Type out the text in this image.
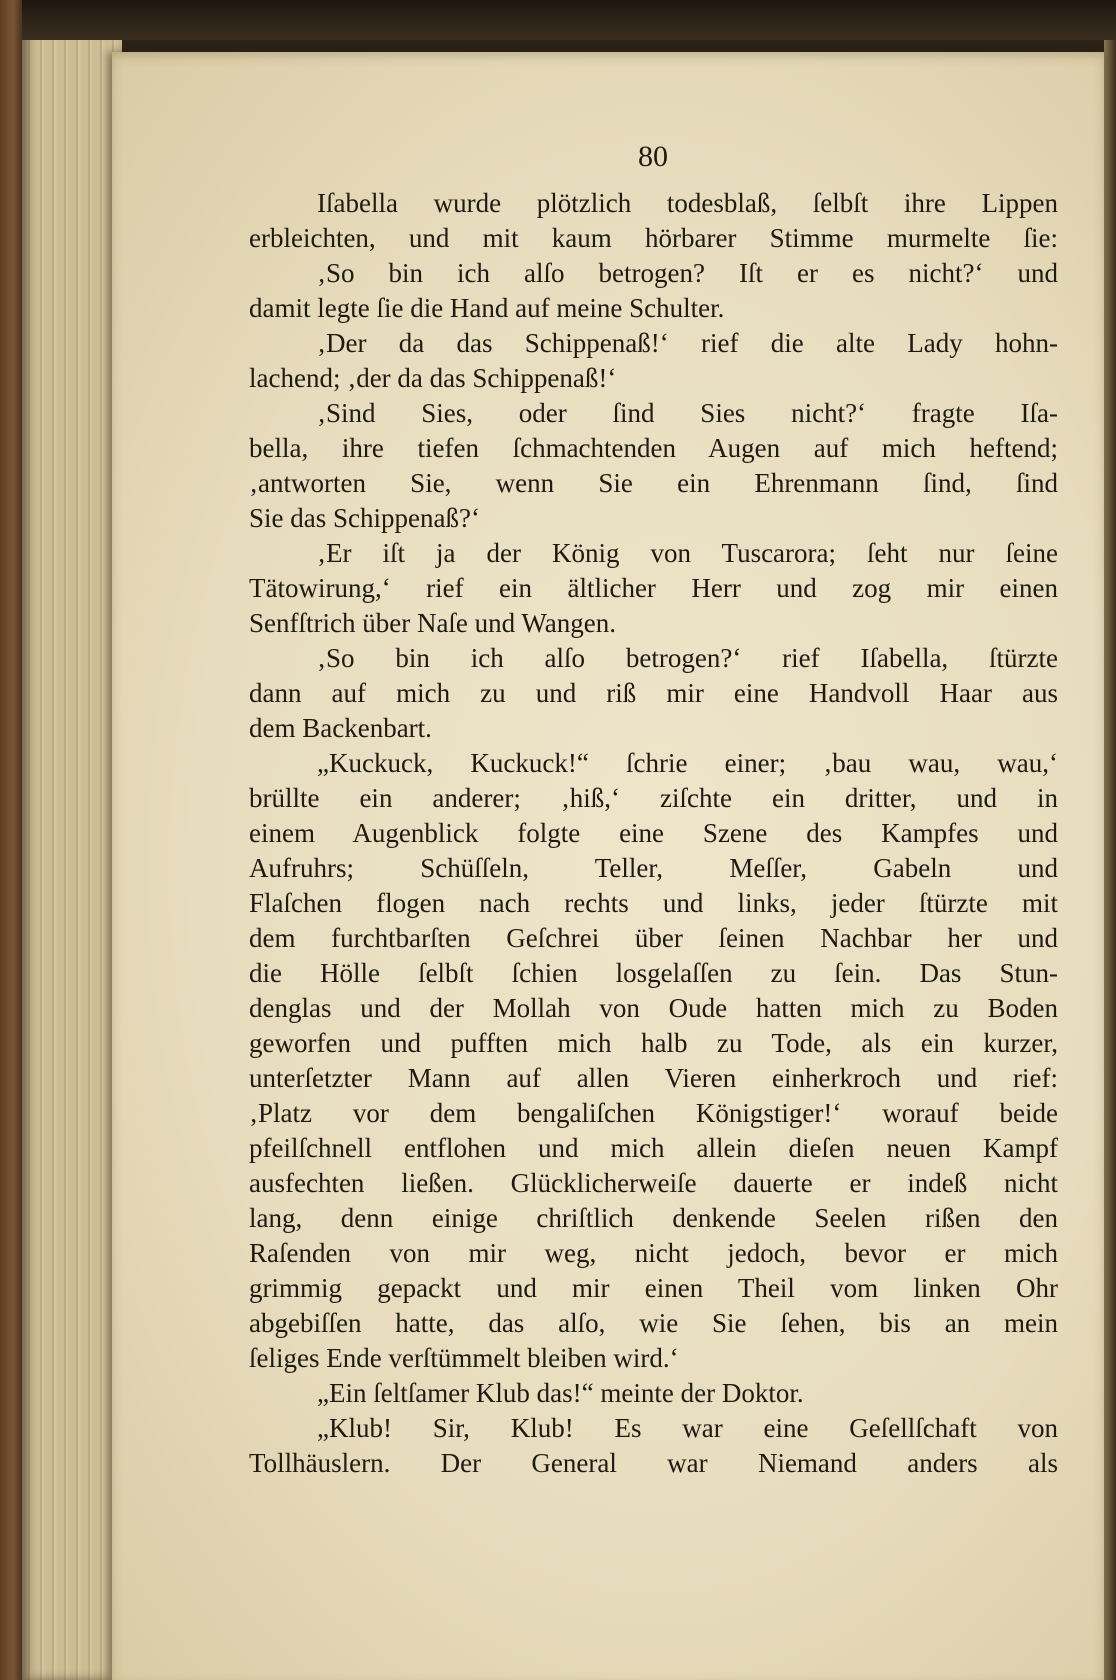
80
Iſabella wurde plötzlich todesblaß, ſelbſt ihre Lippen
erbleichten, und mit kaum hörbarer Stimme murmelte ſie:
‚So bin ich alſo betrogen? Iſt er es nicht?‘ und
damit legte ſie die Hand auf meine Schulter.
‚Der da das Schippenaß!‘ rief die alte Lady hohn-
lachend; ‚der da das Schippenaß!‘
‚Sind Sies, oder ſind Sies nicht?‘ fragte Iſa-
bella, ihre tiefen ſchmachtenden Augen auf mich heftend;
‚antworten Sie, wenn Sie ein Ehrenmann ſind, ſind
Sie das Schippenaß?‘
‚Er iſt ja der König von Tuscarora; ſeht nur ſeine
Tätowirung,‘ rief ein ältlicher Herr und zog mir einen
Senfſtrich über Naſe und Wangen.
‚So bin ich alſo betrogen?‘ rief Iſabella, ſtürzte
dann auf mich zu und riß mir eine Handvoll Haar aus
dem Backenbart.
„Kuckuck, Kuckuck!“ ſchrie einer; ‚bau wau, wau,‘
brüllte ein anderer; ‚hiß,‘ ziſchte ein dritter, und in
einem Augenblick folgte eine Szene des Kampfes und
Aufruhrs; Schüſſeln, Teller, Meſſer, Gabeln und
Flaſchen flogen nach rechts und links, jeder ſtürzte mit
dem furchtbarſten Geſchrei über ſeinen Nachbar her und
die Hölle ſelbſt ſchien losgelaſſen zu ſein. Das Stun-
denglas und der Mollah von Oude hatten mich zu Boden
geworfen und pufften mich halb zu Tode, als ein kurzer,
unterſetzter Mann auf allen Vieren einherkroch und rief:
‚Platz vor dem bengaliſchen Königstiger!‘ worauf beide
pfeilſchnell entflohen und mich allein dieſen neuen Kampf
ausfechten ließen. Glücklicherweiſe dauerte er indeß nicht
lang, denn einige chriſtlich denkende Seelen rißen den
Raſenden von mir weg, nicht jedoch, bevor er mich
grimmig gepackt und mir einen Theil vom linken Ohr
abgebiſſen hatte, das alſo, wie Sie ſehen, bis an mein
ſeliges Ende verſtümmelt bleiben wird.‘
„Ein ſeltſamer Klub das!“ meinte der Doktor.
„Klub! Sir, Klub! Es war eine Geſellſchaft von
Tollhäuslern. Der General war Niemand anders als
